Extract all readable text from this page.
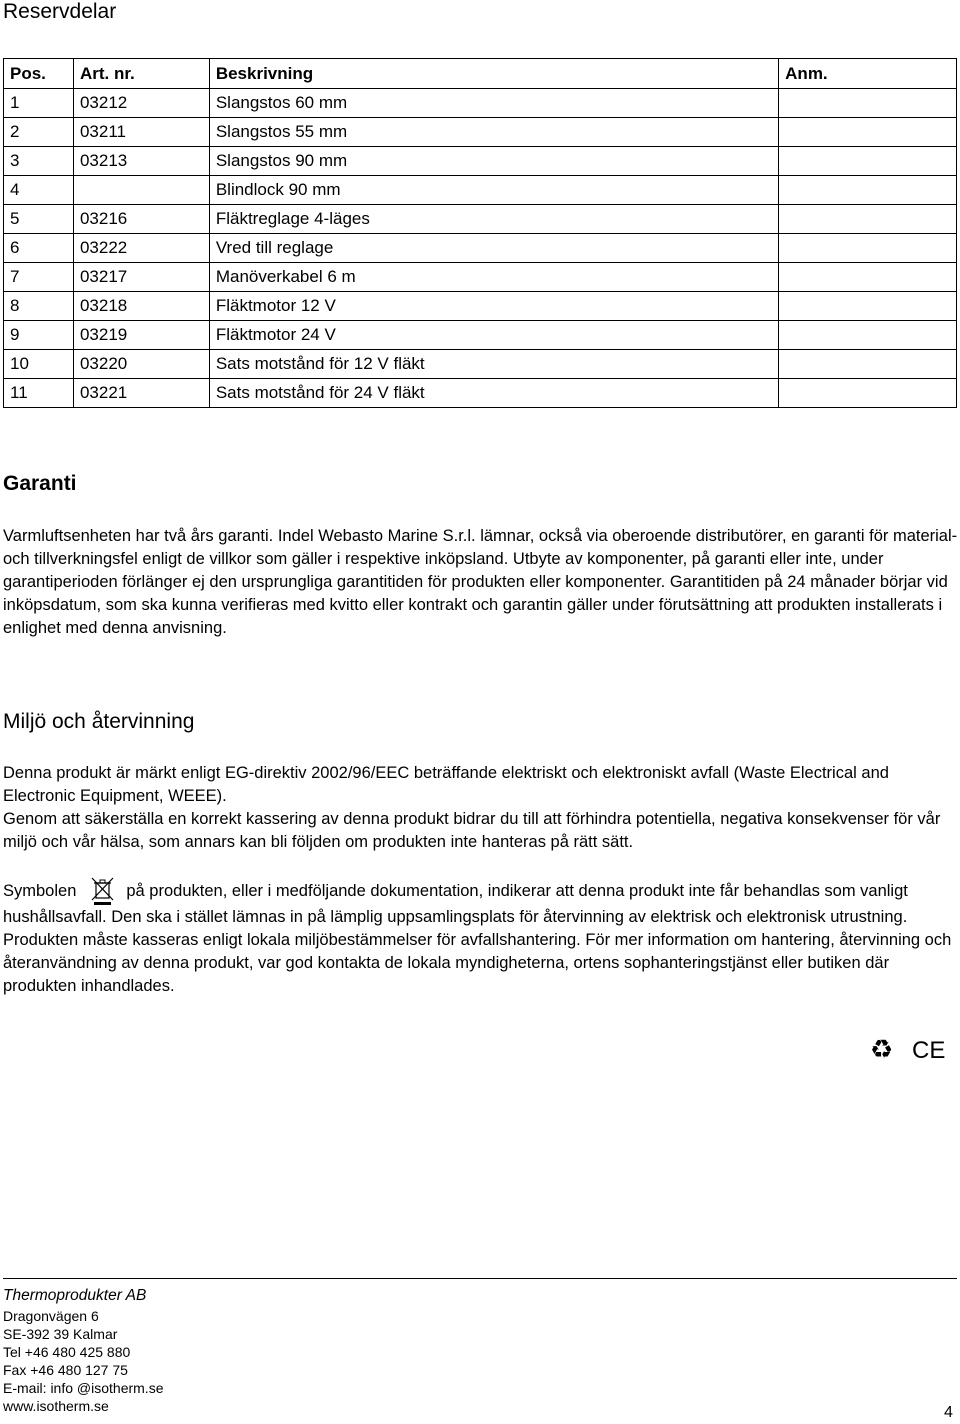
Reservdelar
Pos.	Art. nr.	Beskrivning	Anm.
1	03212	Slangstos 60 mm	
2	03211	Slangstos 55 mm	
3	03213	Slangstos 90 mm	
4		Blindlock 90 mm	
5	03216	Fläktreglage 4-läges	
6	03222	Vred till reglage	
7	03217	Manöverkabel 6 m	
8	03218	Fläktmotor 12 V	
9	03219	Fläktmotor 24 V	
10	03220	Sats motstånd för 12 V fläkt	
11	03221	Sats motstånd för 24 V fläkt	
Garanti

Varmluftsenheten har två års garanti. Indel Webasto Marine S.r.l. lämnar, också via oberoende distributörer, en garanti för material- och tillverkningsfel enligt de villkor som gäller i respektive inköpsland. Utbyte av komponenter, på garanti eller inte, under garantiperioden förlänger ej den ursprungliga garantitiden för produkten eller komponenter. Garantitiden på 24 månader börjar vid inköpsdatum, som ska kunna verifieras med kvitto eller kontrakt och garantin gäller under förutsättning att produkten installerats i enlighet med denna anvisning.

Miljö och återvinning

Denna produkt är märkt enligt EG-direktiv 2002/96/EEC beträffande elektriskt och elektroniskt avfall (Waste Electrical and Electronic Equipment, WEEE).

Genom att säkerställa en korrekt kassering av denna produkt bidrar du till att förhindra potentiella, negativa konsekvenser för vår miljö och vår hälsa, som annars kan bli följden om produkten inte hanteras på rätt sätt.

Symbolen	på produkten, eller i medföljande dokumentation, indikerar att denna produkt inte får behandlas som vanligt hushållsavfall. Den ska i stället lämnas in på lämplig uppsamlingsplats för återvinning av elektrisk och elektronisk utrustning. Produkten måste kasseras enligt lokala miljöbestämmelser för avfallshantering. För mer information om hantering, återvinning och återanvändning av denna produkt, var god kontakta de lokala myndigheterna, ortens sophanteringstjänst eller butiken där produkten inhandlades.

♻ CE

Thermoprodukter AB

Dragonvägen 6

SE-392 39 Kalmar

Tel +46 480 425 880

Fax +46 480 127 75

E-mail: info @isotherm.se

www.isotherm.se	4
